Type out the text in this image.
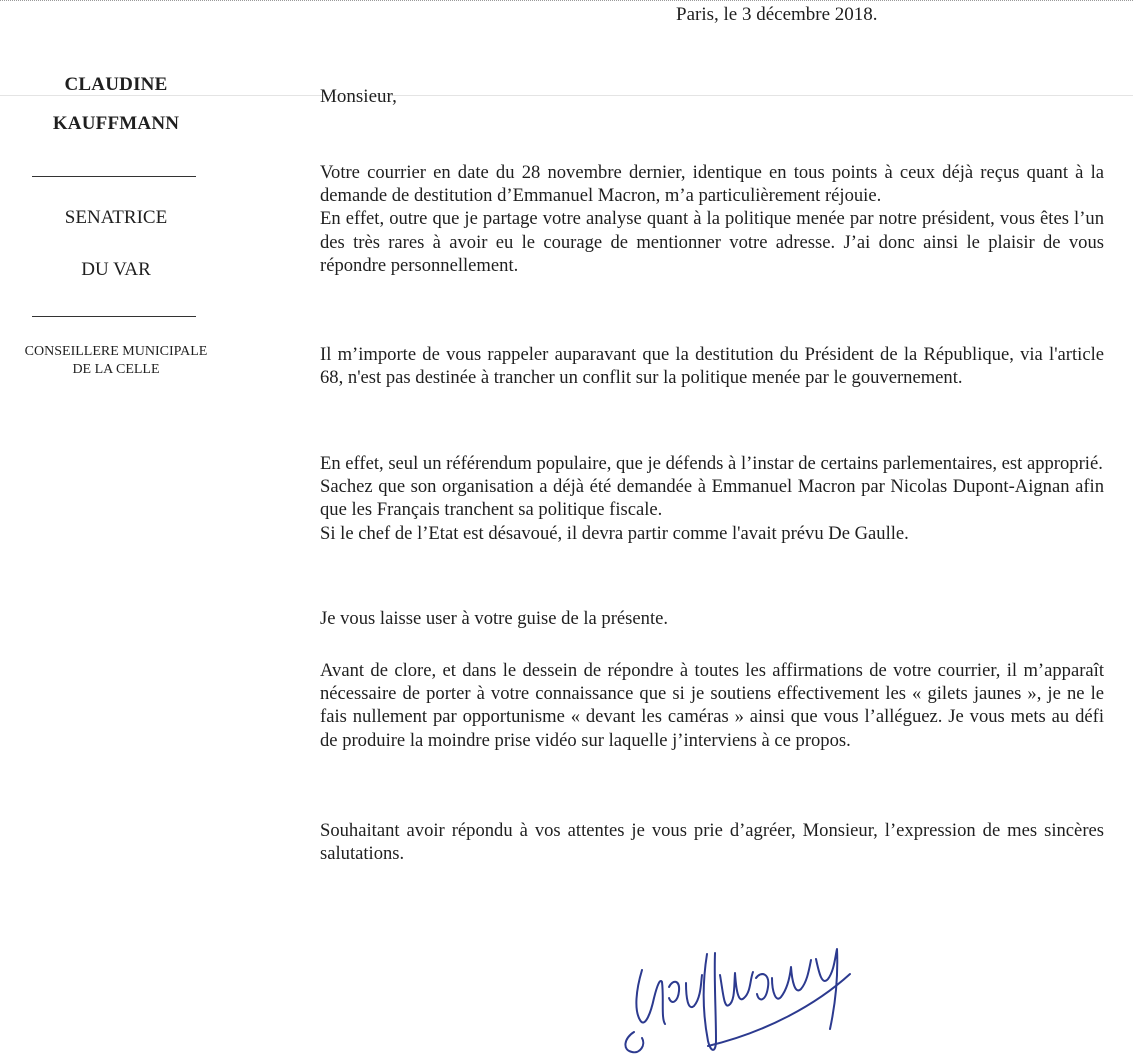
Paris, le 3 décembre 2018.
CLAUDINE
KAUFFMANN
SENATRICE
DU VAR
CONSEILLERE MUNICIPALE
DE LA CELLE
Monsieur,

Votre courrier en date du 28 novembre dernier, identique en tous points à ceux déjà reçus quant à la demande de destitution d’Emmanuel Macron, m’a particulièrement réjouie.

En effet, outre que je partage votre analyse quant à la politique menée par notre président, vous êtes l’un des très rares à avoir eu le courage de mentionner votre adresse. J’ai donc ainsi le plaisir de vous répondre personnellement.

Il m’importe de vous rappeler auparavant que la destitution du Président de la République, via l'article 68, n'est pas destinée à trancher un conflit sur la politique menée par le gouvernement.

En effet, seul un référendum populaire, que je défends à l’instar de certains parlementaires, est approprié.

Sachez que son organisation a déjà été demandée à Emmanuel Macron par Nicolas Dupont-Aignan afin que les Français tranchent sa politique fiscale.

Si le chef de l’Etat est désavoué, il devra partir comme l'avait prévu De Gaulle.

Je vous laisse user à votre guise de la présente.

Avant de clore, et dans le dessein de répondre à toutes les affirmations de votre courrier, il m’apparaît nécessaire de porter à votre connaissance que si je soutiens effectivement les « gilets jaunes », je ne le fais nullement par opportunisme « devant les caméras » ainsi que vous l’alléguez. Je vous mets au défi de produire la moindre prise vidéo sur laquelle j’interviens à ce propos.

Souhaitant avoir répondu à vos attentes je vous prie d’agréer, Monsieur, l’expression de mes sincères salutations.
